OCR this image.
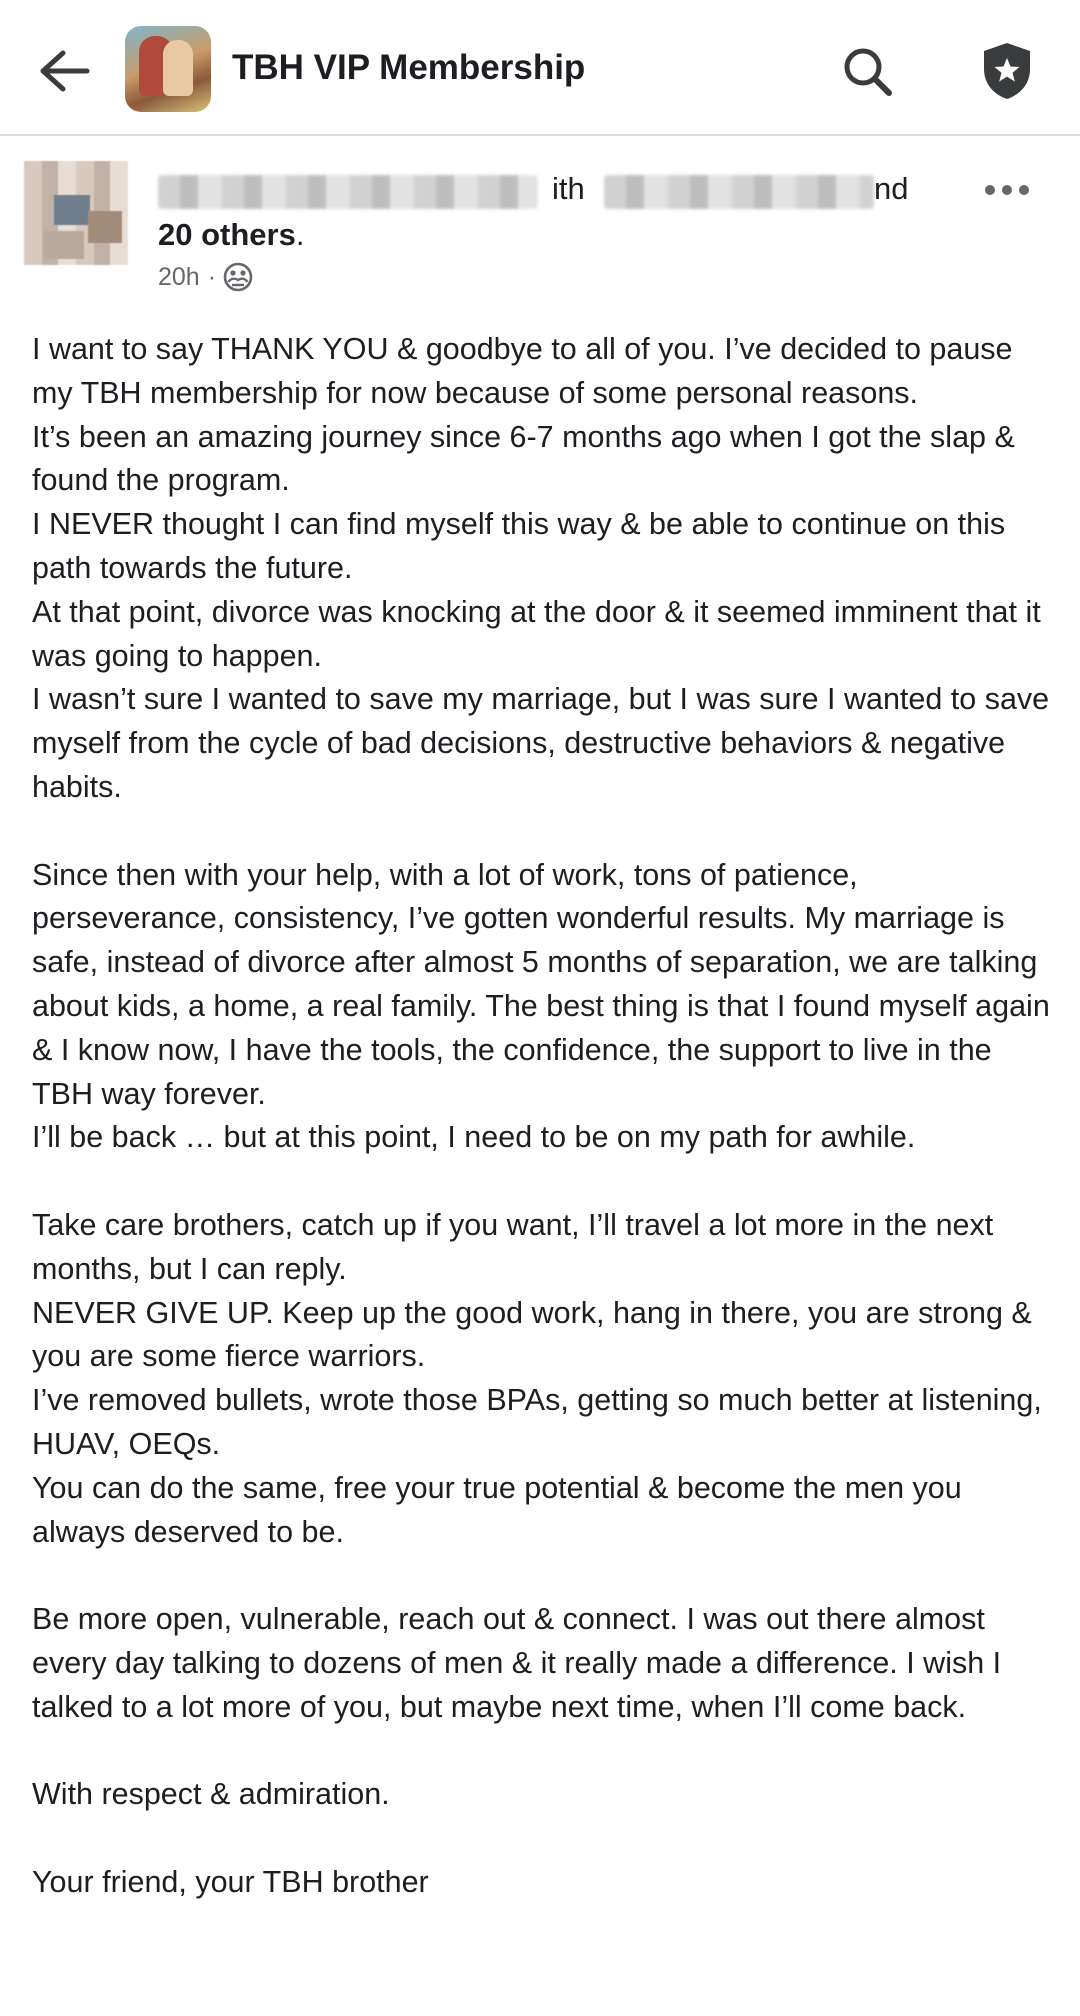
TBH VIP Membership
ith	nd
20 others.
20h ·

I want to say THANK YOU & goodbye to all of you. I’ve decided to pause my TBH membership for now because of some personal reasons.
It’s been an amazing journey since 6-7 months ago when I got the slap & found the program.
I NEVER thought I can find myself this way & be able to continue on this path towards the future.
At that point, divorce was knocking at the door & it seemed imminent that it was going to happen.
I wasn’t sure I wanted to save my marriage, but I was sure I wanted to save myself from the cycle of bad decisions, destructive behaviors & negative habits.

Since then with your help, with a lot of work, tons of patience, perseverance, consistency, I’ve gotten wonderful results. My marriage is safe, instead of divorce after almost 5 months of separation, we are talking about kids, a home, a real family. The best thing is that I found myself again & I know now, I have the tools, the confidence, the support to live in the TBH way forever.
I’ll be back … but at this point, I need to be on my path for awhile.

Take care brothers, catch up if you want, I’ll travel a lot more in the next months, but I can reply.
NEVER GIVE UP. Keep up the good work, hang in there, you are strong & you are some fierce warriors.
I’ve removed bullets, wrote those BPAs, getting so much better at listening, HUAV, OEQs.
You can do the same, free your true potential & become the men you always deserved to be.

Be more open, vulnerable, reach out & connect. I was out there almost every day talking to dozens of men & it really made a difference. I wish I talked to a lot more of you, but maybe next time, when I’ll come back.

With respect & admiration.

Your friend, your TBH brother
